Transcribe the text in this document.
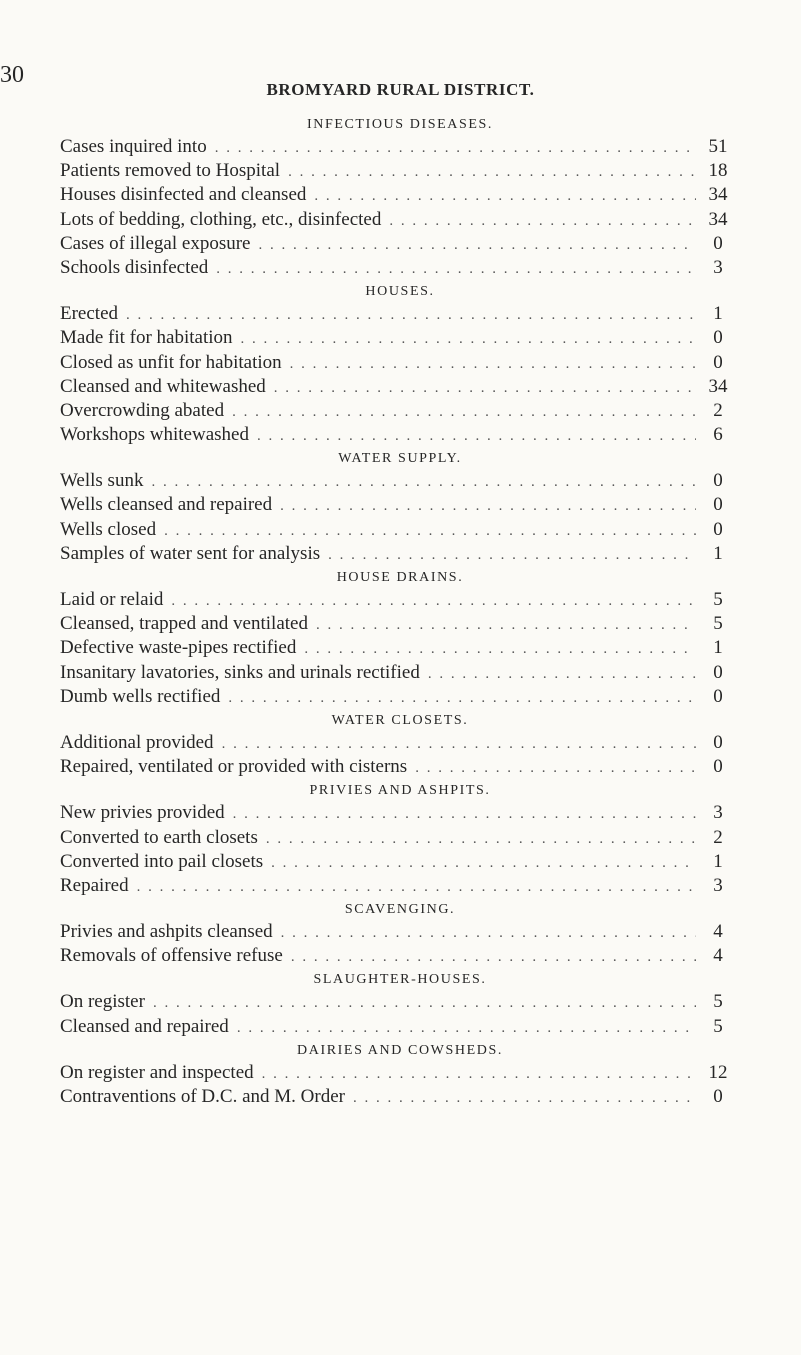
30
BROMYARD RURAL DISTRICT.
INFECTIOUS DISEASES.
Cases inquired into . . .	51
Patients removed to Hospital . . .	18
Houses disinfected and cleansed . . .	34
Lots of bedding, clothing, etc., disinfected . . .	34
Cases of illegal exposure . . .	0
Schools disinfected . . .	3
HOUSES.
Erected . . .	1
Made fit for habitation . . .	0
Closed as unfit for habitation . . .	0
Cleansed and whitewashed . . .	34
Overcrowding abated . . .	2
Workshops whitewashed . . .	6
WATER SUPPLY.
Wells sunk . . .	0
Wells cleansed and repaired . . .	0
Wells closed . . .	0
Samples of water sent for analysis . . .	1
HOUSE DRAINS.
Laid or relaid . . .	5
Cleansed, trapped and ventilated . . .	5
Defective waste-pipes rectified . . .	1
Insanitary lavatories, sinks and urinals rectified . . .	0
Dumb wells rectified . . .	0
WATER CLOSETS.
Additional provided . . .	0
Repaired, ventilated or provided with cisterns . . .	0
PRIVIES AND ASHPITS.
New privies provided . . .	3
Converted to earth closets . . .	2
Converted into pail closets . . .	1
Repaired . . .	3
SCAVENGING.
Privies and ashpits cleansed . . .	4
Removals of offensive refuse . . .	4
SLAUGHTER-HOUSES.
On register . . .	5
Cleansed and repaired . . .	5
DAIRIES AND COWSHEDS.
On register and inspected . . .	12
Contraventions of D.C. and M. Order . . .	0
